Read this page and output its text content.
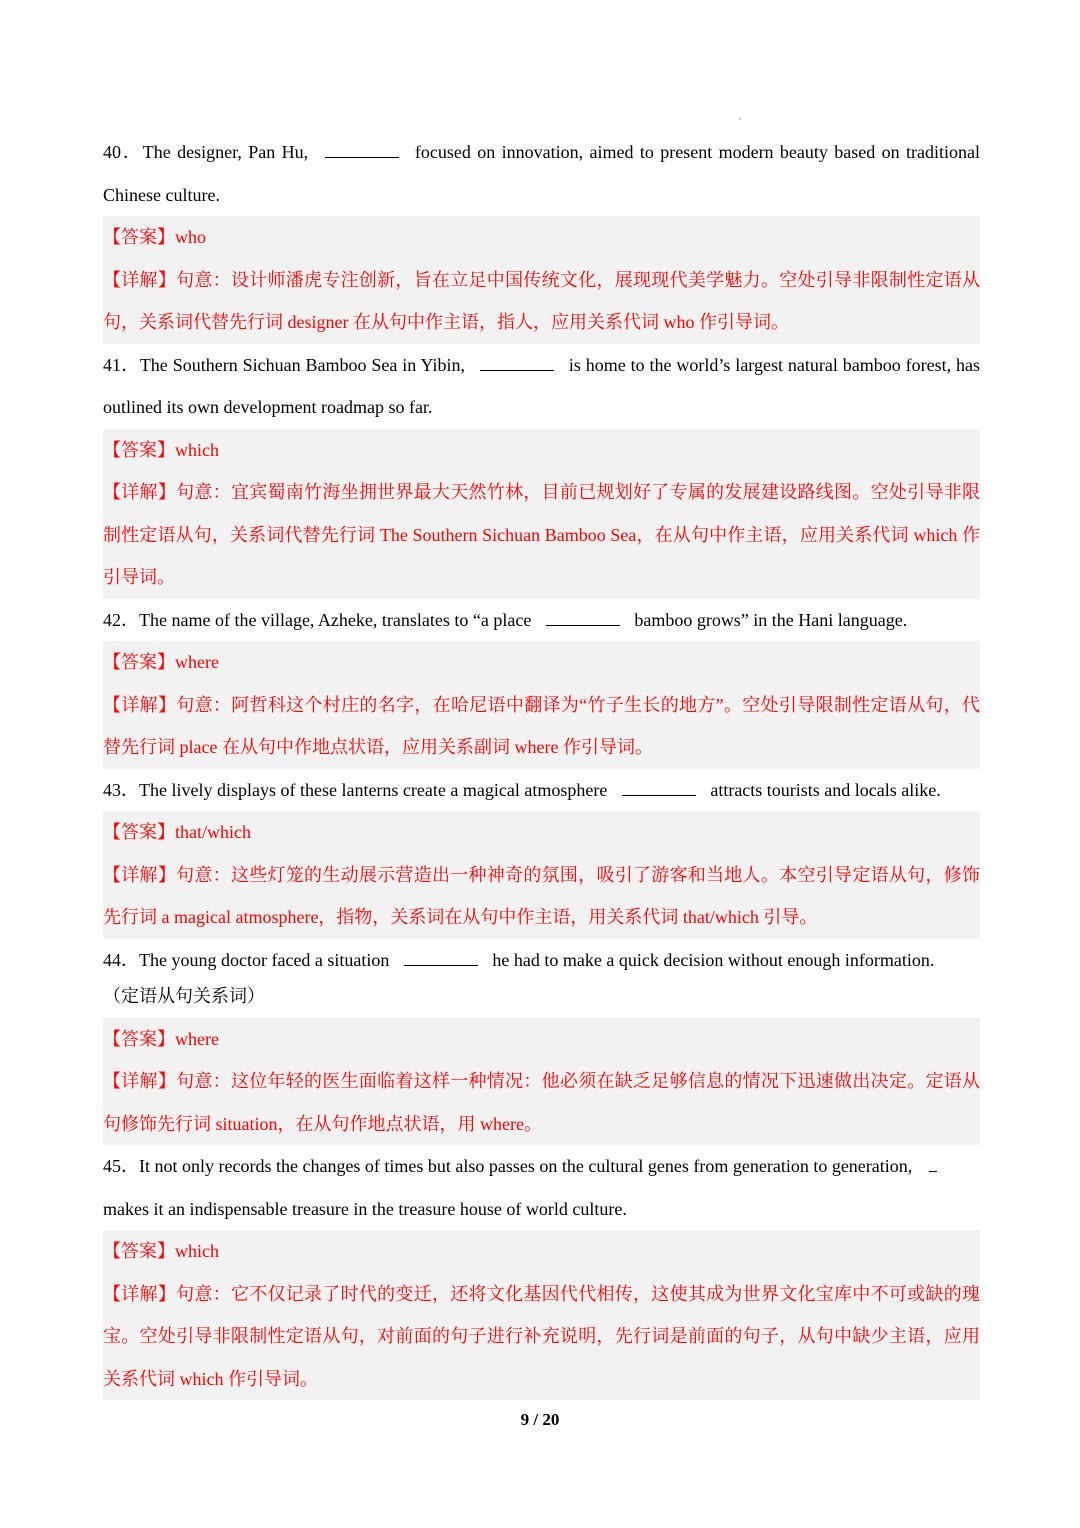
40．The designer, Pan Hu,	focused on innovation, aimed to present modern beauty based on traditional Chinese culture.
【答案】who
【详解】句意：设计师潘虎专注创新，旨在立足中国传统文化，展现现代美学魅力。空处引导非限制性定语从句，关系词代替先行词 designer 在从句中作主语，指人，应用关系代词 who 作引导词。
41．The Southern Sichuan Bamboo Sea in Yibin,	is home to the world’s largest natural bamboo forest, has outlined its own development roadmap so far.
【答案】which
【详解】句意：宜宾蜀南竹海坐拥世界最大天然竹林，目前已规划好了专属的发展建设路线图。空处引导非限制性定语从句，关系词代替先行词 The Southern Sichuan Bamboo Sea，在从句中作主语，应用关系代词 which 作引导词。
42．The name of the village, Azheke, translates to “a place	bamboo grows” in the Hani language.
【答案】where
【详解】句意：阿哲科这个村庄的名字，在哈尼语中翻译为“竹子生长的地方”。空处引导限制性定语从句，代替先行词 place 在从句中作地点状语，应用关系副词 where 作引导词。
43．The lively displays of these lanterns create a magical atmosphere	attracts tourists and locals alike.
【答案】that/which
【详解】句意：这些灯笼的生动展示营造出一种神奇的氛围，吸引了游客和当地人。本空引导定语从句，修饰先行词 a magical atmosphere，指物，关系词在从句中作主语，用关系代词 that/which 引导。
44．The young doctor faced a situation	he had to make a quick decision without enough information.
（定语从句关系词）
【答案】where
【详解】句意：这位年轻的医生面临着这样一种情况：他必须在缺乏足够信息的情况下迅速做出决定。定语从句修饰先行词 situation，在从句作地点状语，用 where。
45．It not only records the changes of times but also passes on the cultural genes from generation to generation,
makes it an indispensable treasure in the treasure house of world culture.
【答案】which
【详解】句意：它不仅记录了时代的变迁，还将文化基因代代相传，这使其成为世界文化宝库中不可或缺的瑰宝。空处引导非限制性定语从句，对前面的句子进行补充说明，先行词是前面的句子，从句中缺少主语，应用关系代词 which 作引导词。
9 / 20
